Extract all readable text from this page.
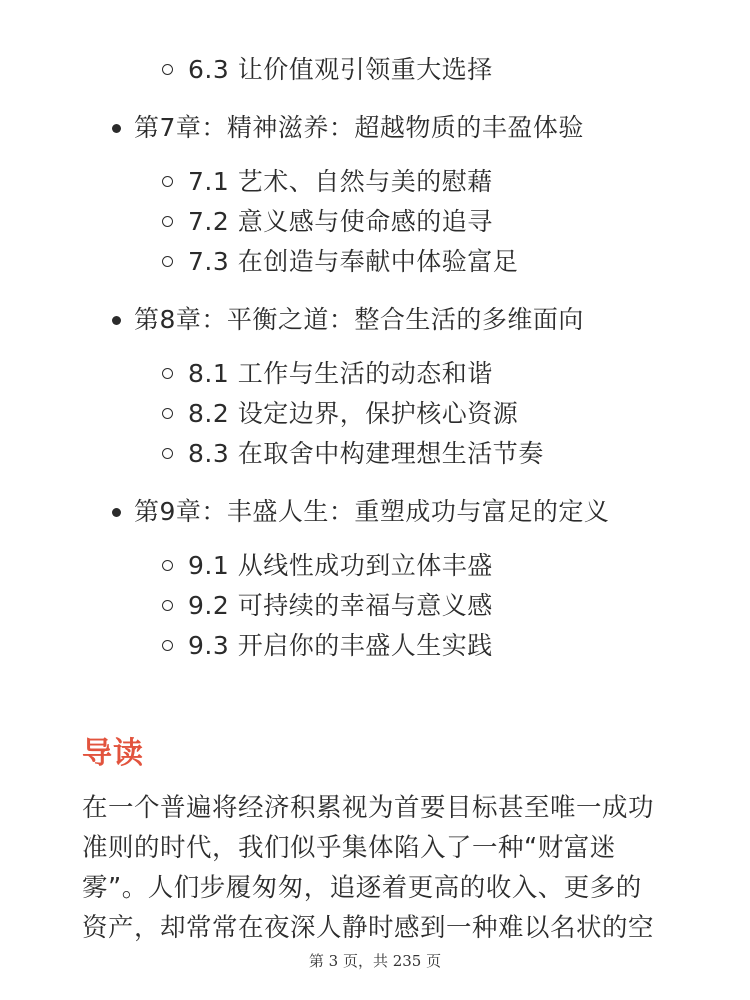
6.3 让价值观引领重大选择
第7章：精神滋养：超越物质的丰盈体验
7.1 艺术、自然与美的慰藉
7.2 意义感与使命感的追寻
7.3 在创造与奉献中体验富足
第8章：平衡之道：整合生活的多维面向
8.1 工作与生活的动态和谐
8.2 设定边界，保护核心资源
8.3 在取舍中构建理想生活节奏
第9章：丰盛人生：重塑成功与富足的定义
9.1 从线性成功到立体丰盛
9.2 可持续的幸福与意义感
9.3 开启你的丰盛人生实践
导读

在一个普遍将经济积累视为首要目标甚至唯一成功
准则的时代，我们似乎集体陷入了一种“财富迷
雾”。人们步履匆匆，追逐着更高的收入、更多的
资产，却常常在夜深人静时感到一种难以名状的空

第 3 页，共 235 页
